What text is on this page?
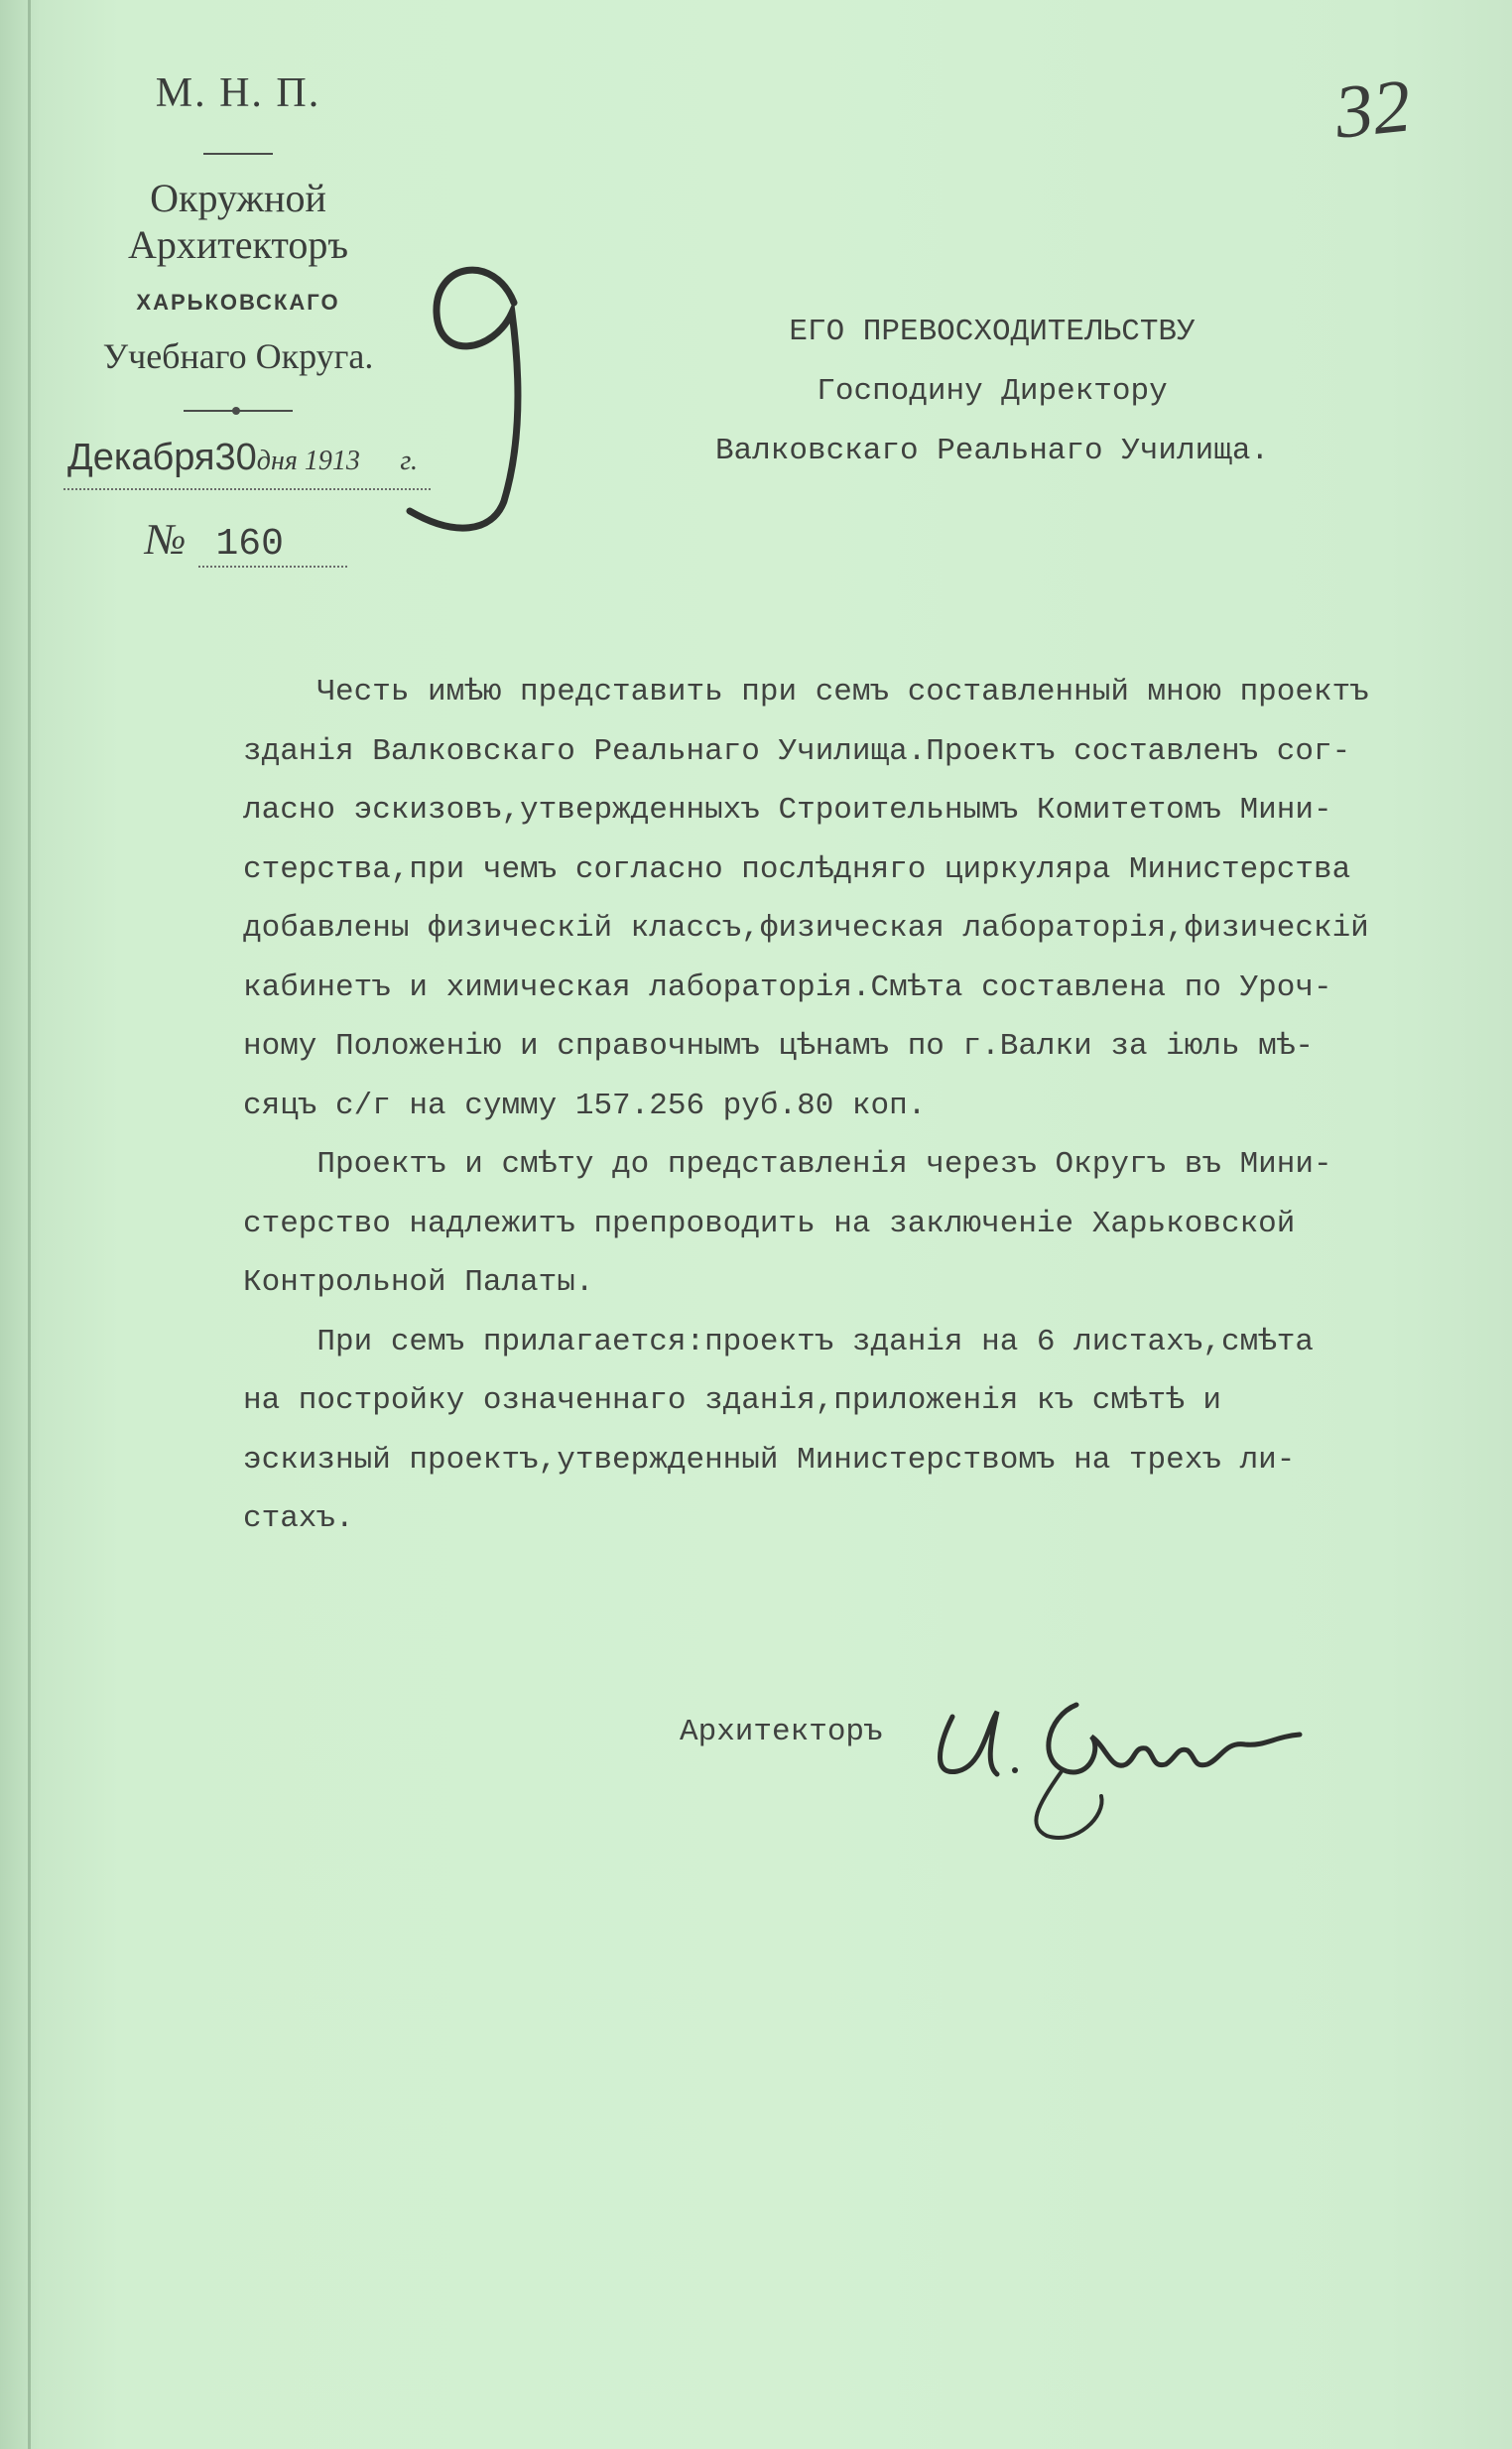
М. Н. П.
Окружной Архитекторъ
ХАРЬКОВСКАГО
Учебнаго Округа.
Декабря30дня 1913 г.
№ 160
32
ЕГО ПРЕВОСХОДИТЕЛЬСТВУ
Господину Директору
Валковскаго Реальнаго Училища.
Честь имѣю представить при семъ составленный мною проектъ
зданія Валковскаго Реальнаго Училища.Проектъ составленъ сог-
ласно эскизовъ,утвержденныхъ Строительнымъ Комитетомъ Мини-
стерства,при чемъ согласно послѣдняго циркуляра Министерства
добавлены физическій классъ,физическая лабораторія,физическій
кабинетъ и химическая лабораторія.Смѣта составлена по Уроч-
ному Положенію и справочнымъ цѣнамъ по г.Валки за іюль мѣ-
сяцъ с/г на сумму 157.256 руб.80 коп.
Проектъ и смѣту до представленія черезъ Округъ въ Мини-
стерство надлежитъ препроводить на заключеніе Харьковской
Контрольной Палаты.
При семъ прилагается:проектъ зданія на 6 листахъ,смѣта
на постройку означеннаго зданія,приложенія къ смѣтѣ и
эскизный проектъ,утвержденный Министерствомъ на трехъ ли-
стахъ.
Архитекторъ
